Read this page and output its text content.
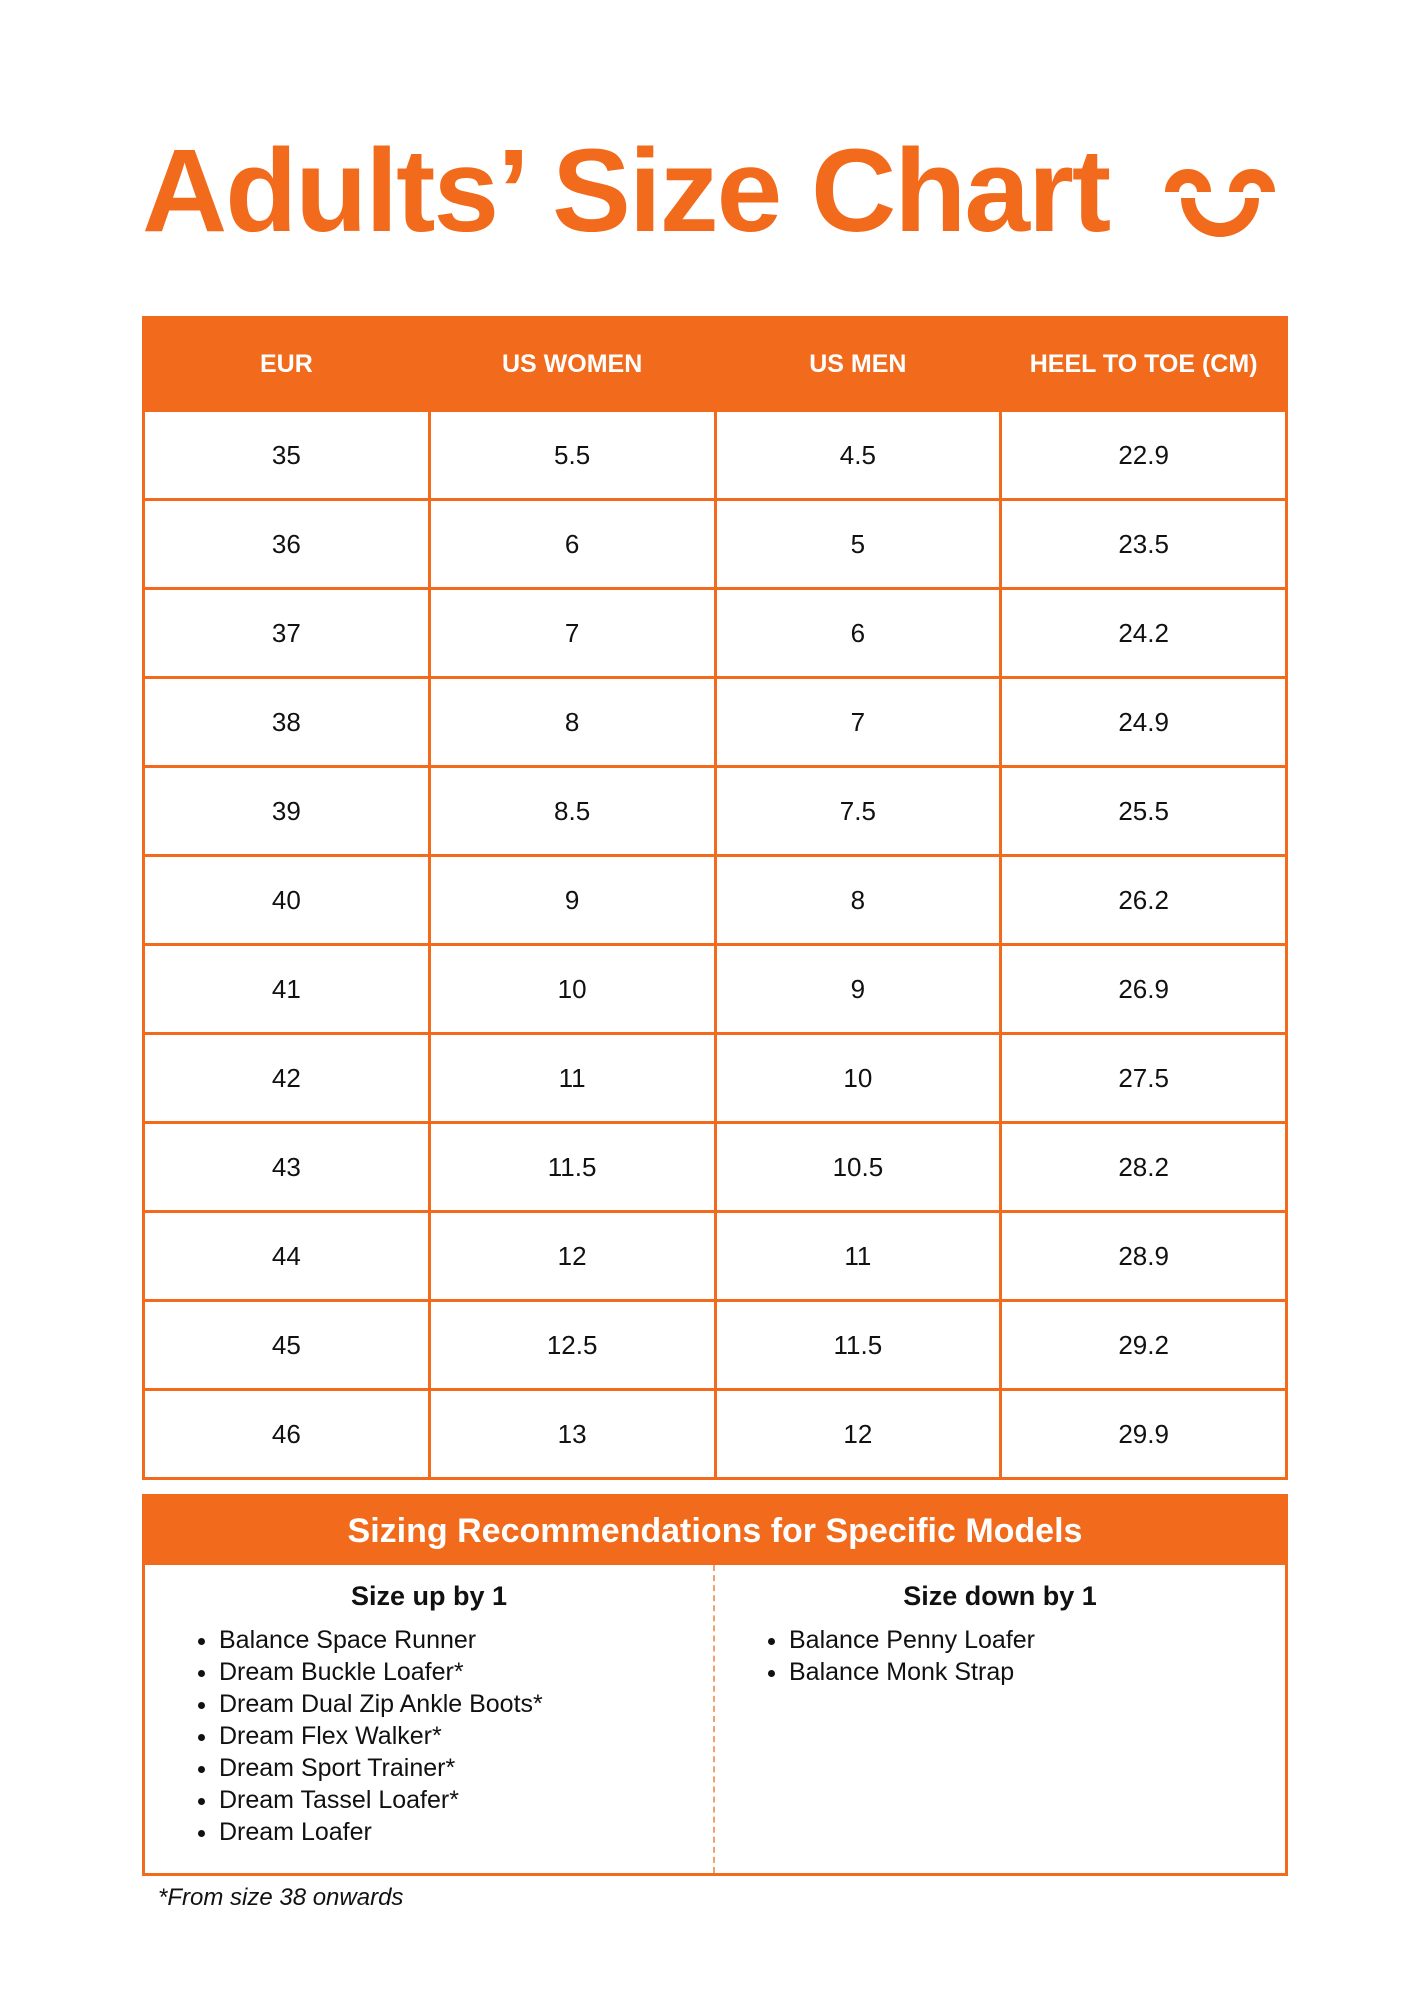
Adults’ Size Chart
EUR	US WOMEN	US MEN	HEEL TO TOE (CM)
35	5.5	4.5	22.9
36	6	5	23.5
37	7	6	24.2
38	8	7	24.9
39	8.5	7.5	25.5
40	9	8	26.2
41	10	9	26.9
42	11	10	27.5
43	11.5	10.5	28.2
44	12	11	28.9
45	12.5	11.5	29.2
46	13	12	29.9
Sizing Recommendations for Specific Models
Size up by 1
• Balance Space Runner
• Dream Buckle Loafer*
• Dream Dual Zip Ankle Boots*
• Dream Flex Walker*
• Dream Sport Trainer*
• Dream Tassel Loafer*
• Dream Loafer
Size down by 1
• Balance Penny Loafer
• Balance Monk Strap
*From size 38 onwards
